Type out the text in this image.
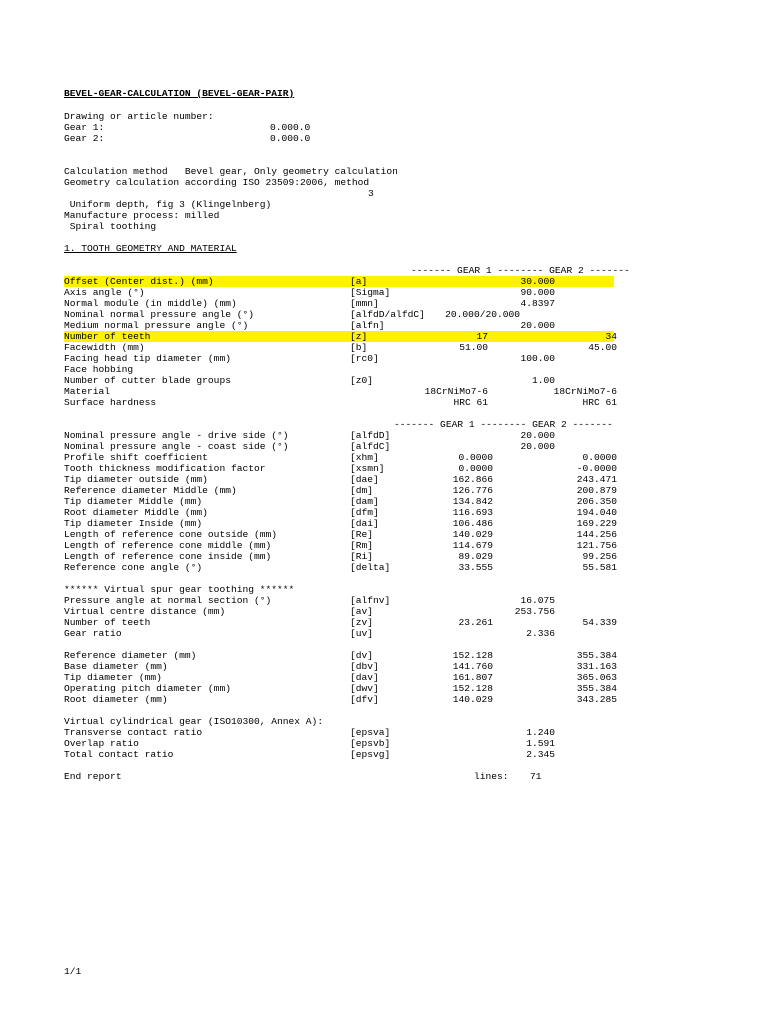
BEVEL-GEAR-CALCULATION (BEVEL-GEAR-PAIR)
Drawing or article number:
Gear 1:	0.000.0
Gear 2:	0.000.0
Calculation method   Bevel gear, Only geometry calculation
Geometry calculation according ISO 23509:2006, method
3
Uniform depth, fig 3 (Klingelnberg)
Manufacture process: milled
Spiral toothing
1. TOOTH GEOMETRY AND MATERIAL
------- GEAR 1 -------- GEAR 2 -------
Offset (Center dist.) (mm)	[a]	30.000
Axis angle (°)	[Sigma]	90.000
Normal module (in middle) (mm)	[mmn]	4.8397
Nominal normal pressure angle (°)	[alfdD/alfdC] 20.000/20.000
Medium normal pressure angle (°)	[alfn]	20.000
Number of teeth	[z]	17	34
Facewidth (mm)	[b]	51.00	45.00
Facing head tip diameter (mm)	[rc0]	100.00
Face hobbing
Number of cutter blade groups	[z0]	1.00
Material	18CrNiMo7-6	18CrNiMo7-6
Surface hardness	HRC 61	HRC 61
------- GEAR 1 -------- GEAR 2 -------
Nominal pressure angle - drive side (°)	[alfdD]	20.000
Nominal pressure angle - coast side (°)	[alfdC]	20.000
Profile shift coefficient	[xhm]	0.0000	0.0000
Tooth thickness modification factor	[xsmn]	0.0000	-0.0000
Tip diameter outside (mm)	[dae]	162.866	243.471
Reference diameter Middle (mm)	[dm]	126.776	200.879
Tip diameter Middle (mm)	[dam]	134.842	206.350
Root diameter Middle (mm)	[dfm]	116.693	194.040
Tip diameter Inside (mm)	[dai]	106.486	169.229
Length of reference cone outside (mm)	[Re]	140.029	144.256
Length of reference cone middle (mm)	[Rm]	114.679	121.756
Length of reference cone inside (mm)	[Ri]	89.029	99.256
Reference cone angle (°)	[delta]	33.555	55.581
****** Virtual spur gear toothing ******
Pressure angle at normal section (°)	[alfnv]	16.075
Virtual centre distance (mm)	[av]	253.756
Number of teeth	[zv]	23.261	54.339
Gear ratio	[uv]	2.336
Reference diameter (mm)	[dv]	152.128	355.384
Base diameter (mm)	[dbv]	141.760	331.163
Tip diameter (mm)	[dav]	161.807	365.063
Operating pitch diameter (mm)	[dwv]	152.128	355.384
Root diameter (mm)	[dfv]	140.029	343.285
Virtual cylindrical gear (ISO10300, Annex A):
Transverse contact ratio	[epsva]	1.240
Overlap ratio	[epsvb]	1.591
Total contact ratio	[epsvg]	2.345
End report	lines: 71
1/1
